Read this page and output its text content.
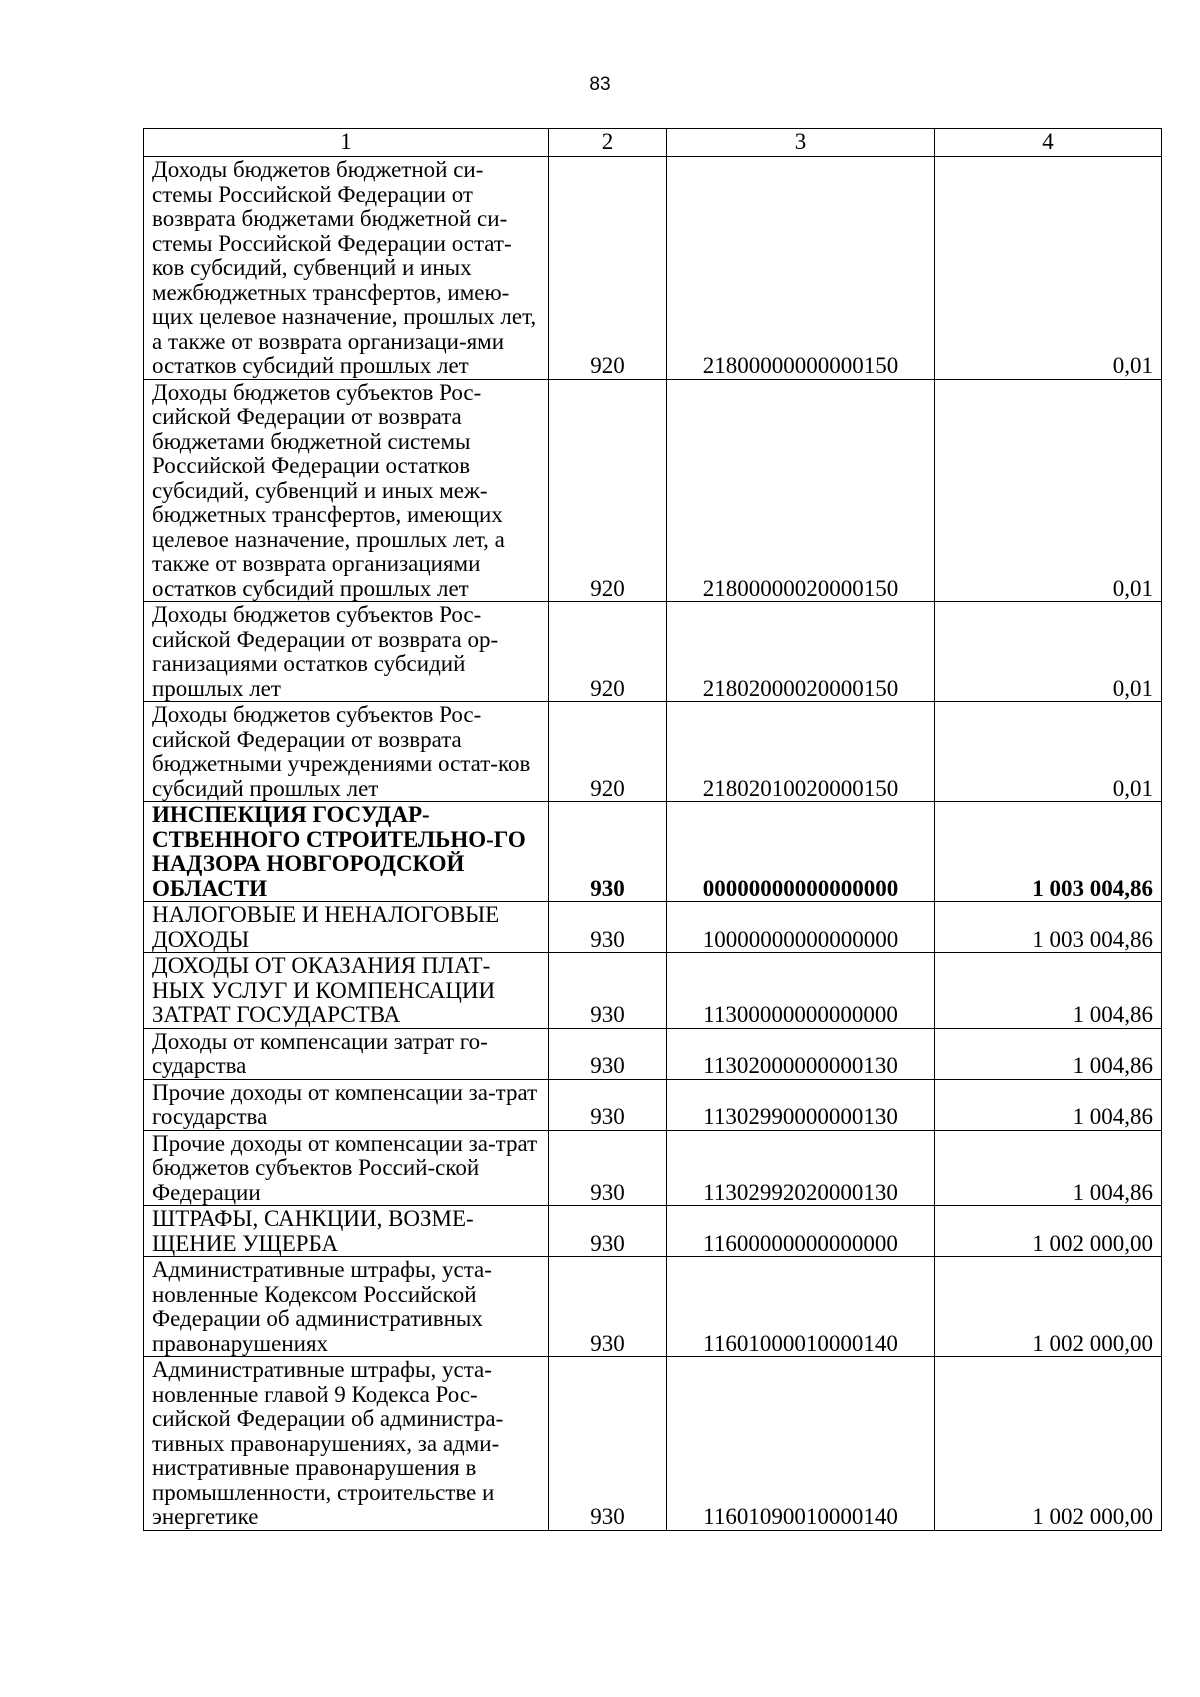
83
1	2	3	4
Доходы бюджетов бюджетной си-стемы Российской Федерации от возврата бюджетами бюджетной си-стемы Российской Федерации остат-ков субсидий, субвенций и иных межбюджетных трансфертов, имею-щих целевое назначение, прошлых лет, а также от возврата организаци-ями остатков субсидий прошлых лет	920	21800000000000150	0,01
Доходы бюджетов субъектов Рос-сийской Федерации от возврата бюджетами бюджетной системы Российской Федерации остатков субсидий, субвенций и иных меж-бюджетных трансфертов, имеющих целевое назначение, прошлых лет, а также от возврата организациями остатков субсидий прошлых лет	920	21800000020000150	0,01
Доходы бюджетов субъектов Рос-сийской Федерации от возврата ор-ганизациями остатков субсидий прошлых лет	920	21802000020000150	0,01
Доходы бюджетов субъектов Рос-сийской Федерации от возврата бюджетными учреждениями остат-ков субсидий прошлых лет	920	21802010020000150	0,01
ИНСПЕКЦИЯ ГОСУДАР-СТВЕННОГО СТРОИТЕЛЬНО-ГО НАДЗОРА НОВГОРОДСКОЙ ОБЛАСТИ	930	00000000000000000	1 003 004,86
НАЛОГОВЫЕ И НЕНАЛОГОВЫЕ ДОХОДЫ	930	10000000000000000	1 003 004,86
ДОХОДЫ ОТ ОКАЗАНИЯ ПЛАТ-НЫХ УСЛУГ И КОМПЕНСАЦИИ ЗАТРАТ ГОСУДАРСТВА	930	11300000000000000	1 004,86
Доходы от компенсации затрат го-сударства	930	11302000000000130	1 004,86
Прочие доходы от компенсации за-трат государства	930	11302990000000130	1 004,86
Прочие доходы от компенсации за-трат бюджетов субъектов Россий-ской Федерации	930	11302992020000130	1 004,86
ШТРАФЫ, САНКЦИИ, ВОЗМЕ-ЩЕНИЕ УЩЕРБА	930	11600000000000000	1 002 000,00
Административные штрафы, уста-новленные Кодексом Российской Федерации об административных правонарушениях	930	11601000010000140	1 002 000,00
Административные штрафы, уста-новленные главой 9 Кодекса Рос-сийской Федерации об администра-тивных правонарушениях, за адми-нистративные правонарушения в промышленности, строительстве и энергетике	930	11601090010000140	1 002 000,00
